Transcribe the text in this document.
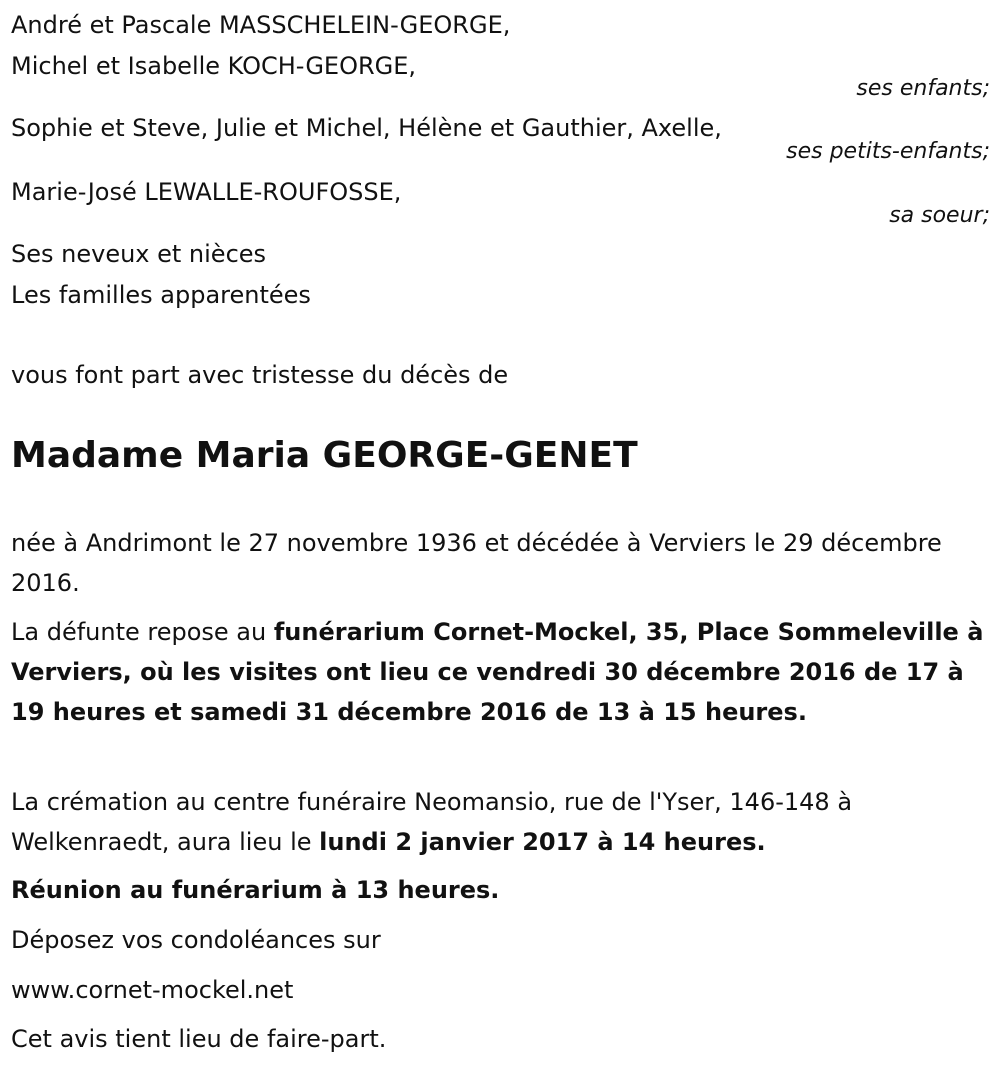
André et Pascale MASSCHELEIN-GEORGE,
Michel et Isabelle KOCH-GEORGE,
ses enfants;
Sophie et Steve, Julie et Michel, Hélène et Gauthier, Axelle,
ses petits-enfants;
Marie-José LEWALLE-ROUFOSSE,
sa soeur;
Ses neveux et nièces
Les familles apparentées
vous font part avec tristesse du décès de
Madame Maria GEORGE-GENET
née à Andrimont le 27 novembre 1936 et décédée à Verviers le 29 décembre 2016.
La défunte repose au funérarium Cornet-Mockel, 35, Place Sommeleville à Verviers, où les visites ont lieu ce vendredi 30 décembre 2016 de 17 à 19 heures et samedi 31 décembre 2016 de 13 à 15 heures.
La crémation au centre funéraire Neomansio, rue de l'Yser, 146-148 à Welkenraedt, aura lieu le lundi 2 janvier 2017 à 14 heures.
Réunion au funérarium à 13 heures.
Déposez vos condoléances sur
www.cornet-mockel.net
Cet avis tient lieu de faire-part.
